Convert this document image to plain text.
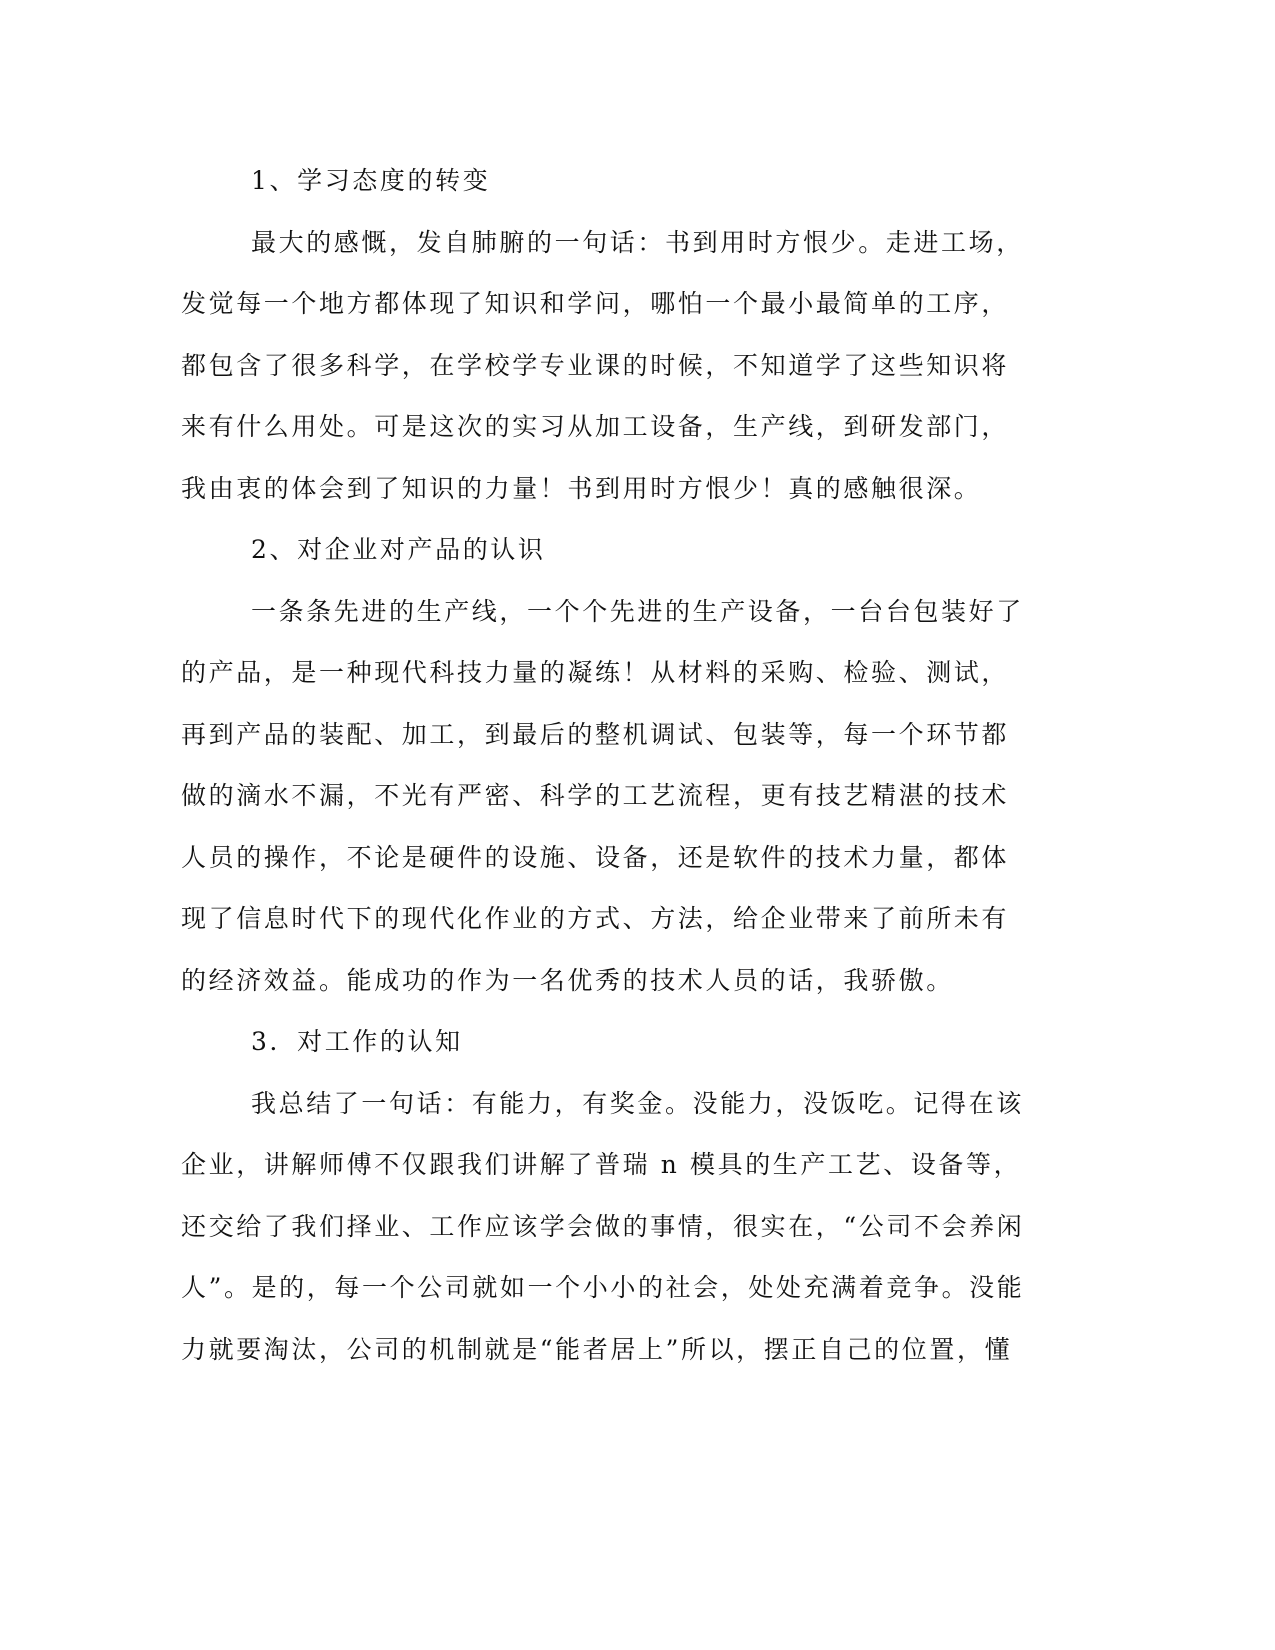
1、学习态度的转变
最大的感慨，发自肺腑的一句话：书到用时方恨少。走进工场，
发觉每一个地方都体现了知识和学问，哪怕一个最小最简单的工序，
都包含了很多科学，在学校学专业课的时候，不知道学了这些知识将
来有什么用处。可是这次的实习从加工设备，生产线，到研发部门，
我由衷的体会到了知识的力量！书到用时方恨少！真的感触很深。
2、对企业对产品的认识
一条条先进的生产线，一个个先进的生产设备，一台台包装好了
的产品，是一种现代科技力量的凝练！从材料的采购、检验、测试，
再到产品的装配、加工，到最后的整机调试、包装等，每一个环节都
做的滴水不漏，不光有严密、科学的工艺流程，更有技艺精湛的技术
人员的操作，不论是硬件的设施、设备，还是软件的技术力量，都体
现了信息时代下的现代化作业的方式、方法，给企业带来了前所未有
的经济效益。能成功的作为一名优秀的技术人员的话，我骄傲。
3．对工作的认知
我总结了一句话：有能力，有奖金。没能力，没饭吃。记得在该
企业，讲解师傅不仅跟我们讲解了普瑞 n 模具的生产工艺、设备等，
还交给了我们择业、工作应该学会做的事情，很实在，“公司不会养闲
人”。是的，每一个公司就如一个小小的社会，处处充满着竞争。没能
力就要淘汰，公司的机制就是“能者居上”所以，摆正自己的位置，懂
